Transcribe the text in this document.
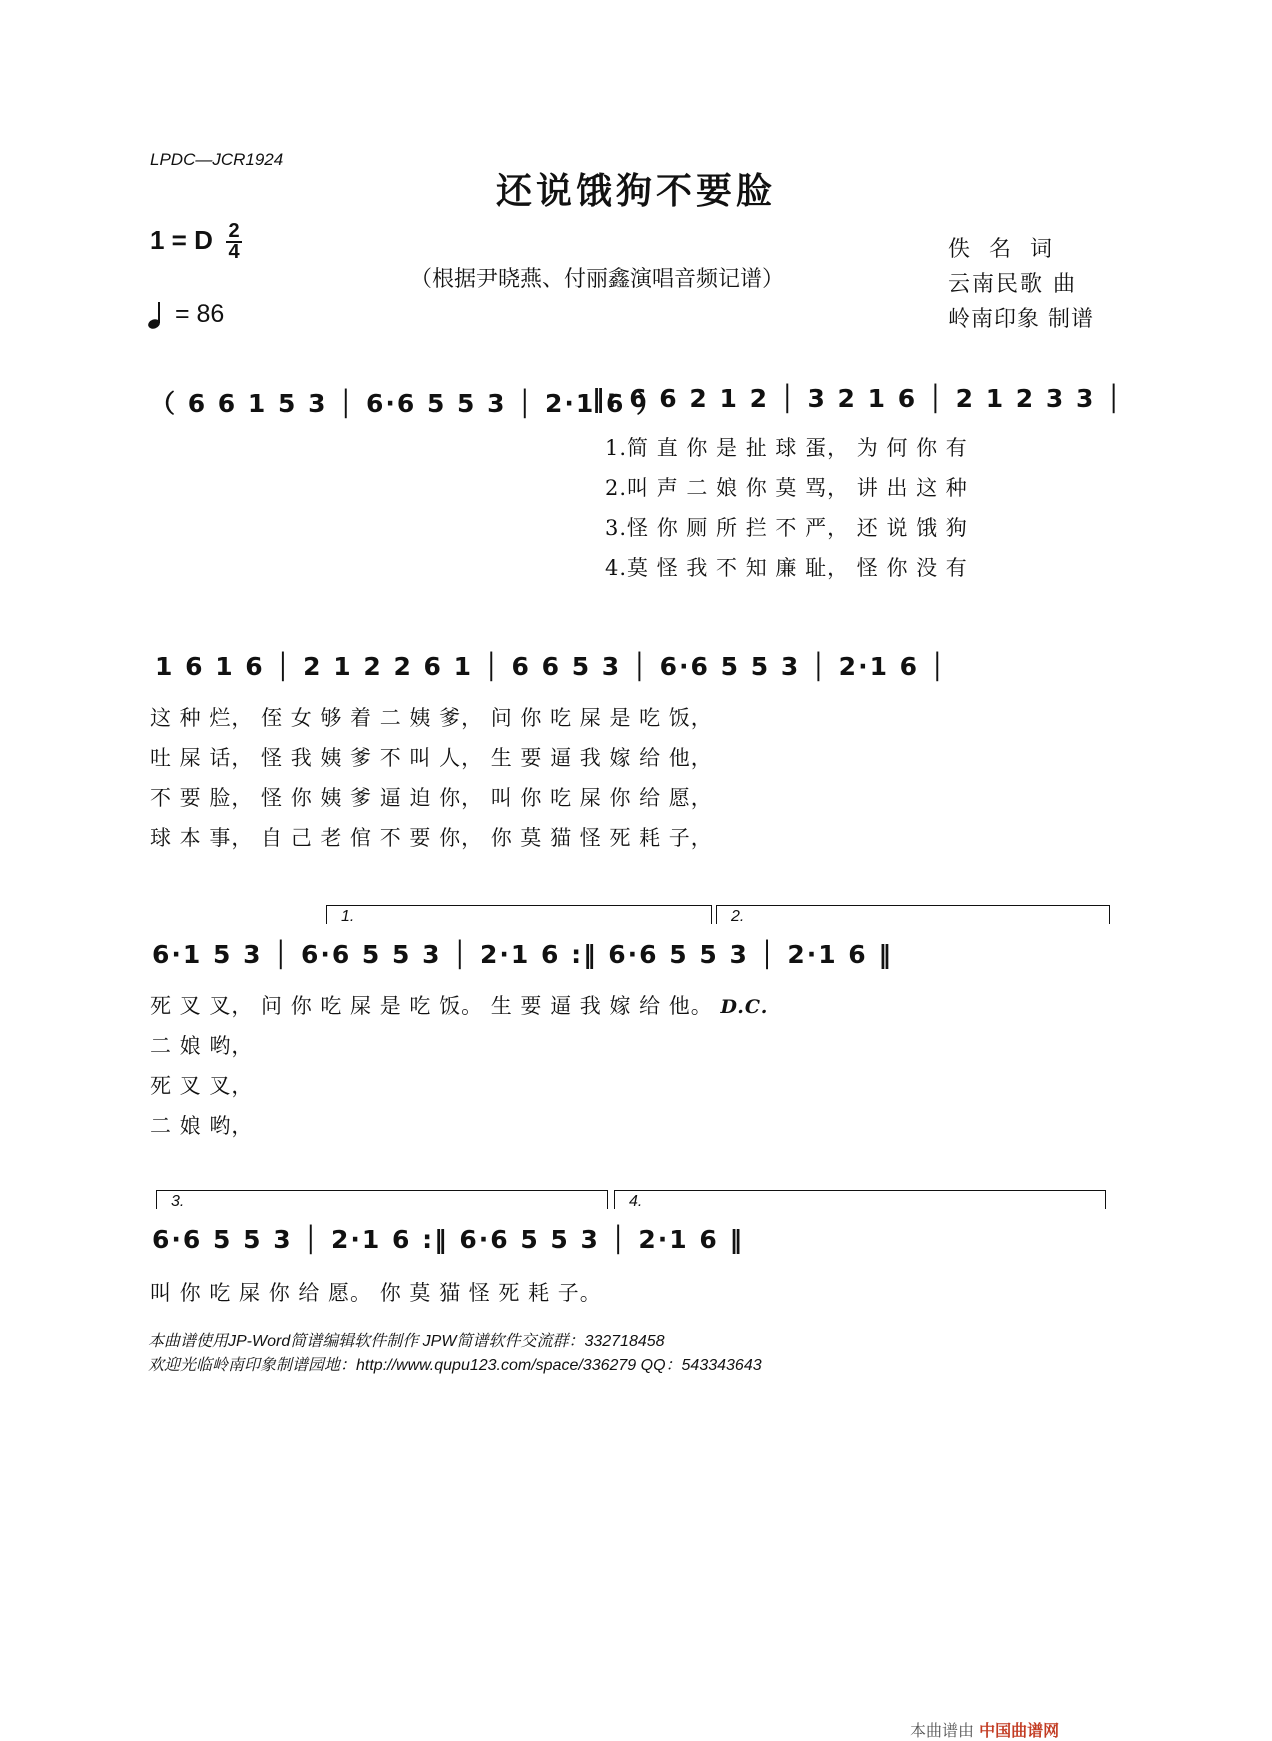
LPDC—JCR1924
还说饿狗不要脸
1 = D $\frac{2}{4}$
（根据尹晓燕、付丽鑫演唱音频记谱）
= 86
佚 名 词
云南民歌 曲
岭南印象 制谱
（ 6 6 1 5 3 │ 6·6 5 5 3 │ 2·1 6 ）
‖: 6 6 2 1 2 │ 3 2 1 6 │ 2 1 2 3 3 │
1.简 直 你 是 扯 球 蛋， 为 何 你 有
2.叫 声 二 娘 你 莫 骂， 讲 出 这 种
3.怪 你 厕 所 拦 不 严， 还 说 饿 狗
4.莫 怪 我 不 知 廉 耻， 怪 你 没 有
1 6 1 6 │ 2 1 2 2 6 1 │ 6 6 5 3 │ 6·6 5 5 3 │ 2·1 6 │
这 种 烂， 侄 女 够 着 二 姨 爹， 问 你 吃 屎 是 吃 饭，
吐 屎 话， 怪 我 姨 爹 不 叫 人， 生 要 逼 我 嫁 给 他，
不 要 脸， 怪 你 姨 爹 逼 迫 你， 叫 你 吃 屎 你 给 愿，
球 本 事， 自 己 老 倌 不 要 你， 你 莫 猫 怪 死 耗 子，
1.	2.
6·1 5 3 │ 6·6 5 5 3 │ 2·1 6 :‖ 6·6 5 5 3 │ 2·1 6 ‖
死 叉 叉， 问 你 吃 屎 是 吃 饭。 生 要 逼 我 嫁 给 他。 D.C.
二 娘 哟，
死 叉 叉，
二 娘 哟，
3.	4.
6·6 5 5 3 │ 2·1 6 :‖ 6·6 5 5 3 │ 2·1 6 ‖
叫 你 吃 屎 你 给 愿。 你 莫 猫 怪 死 耗 子。
本曲谱使用JP-Word简谱编辑软件制作 JPW简谱软件交流群：332718458
欢迎光临岭南印象制谱园地：http://www.qupu123.com/space/336279 QQ：543343643
本曲谱由 中国曲谱网
